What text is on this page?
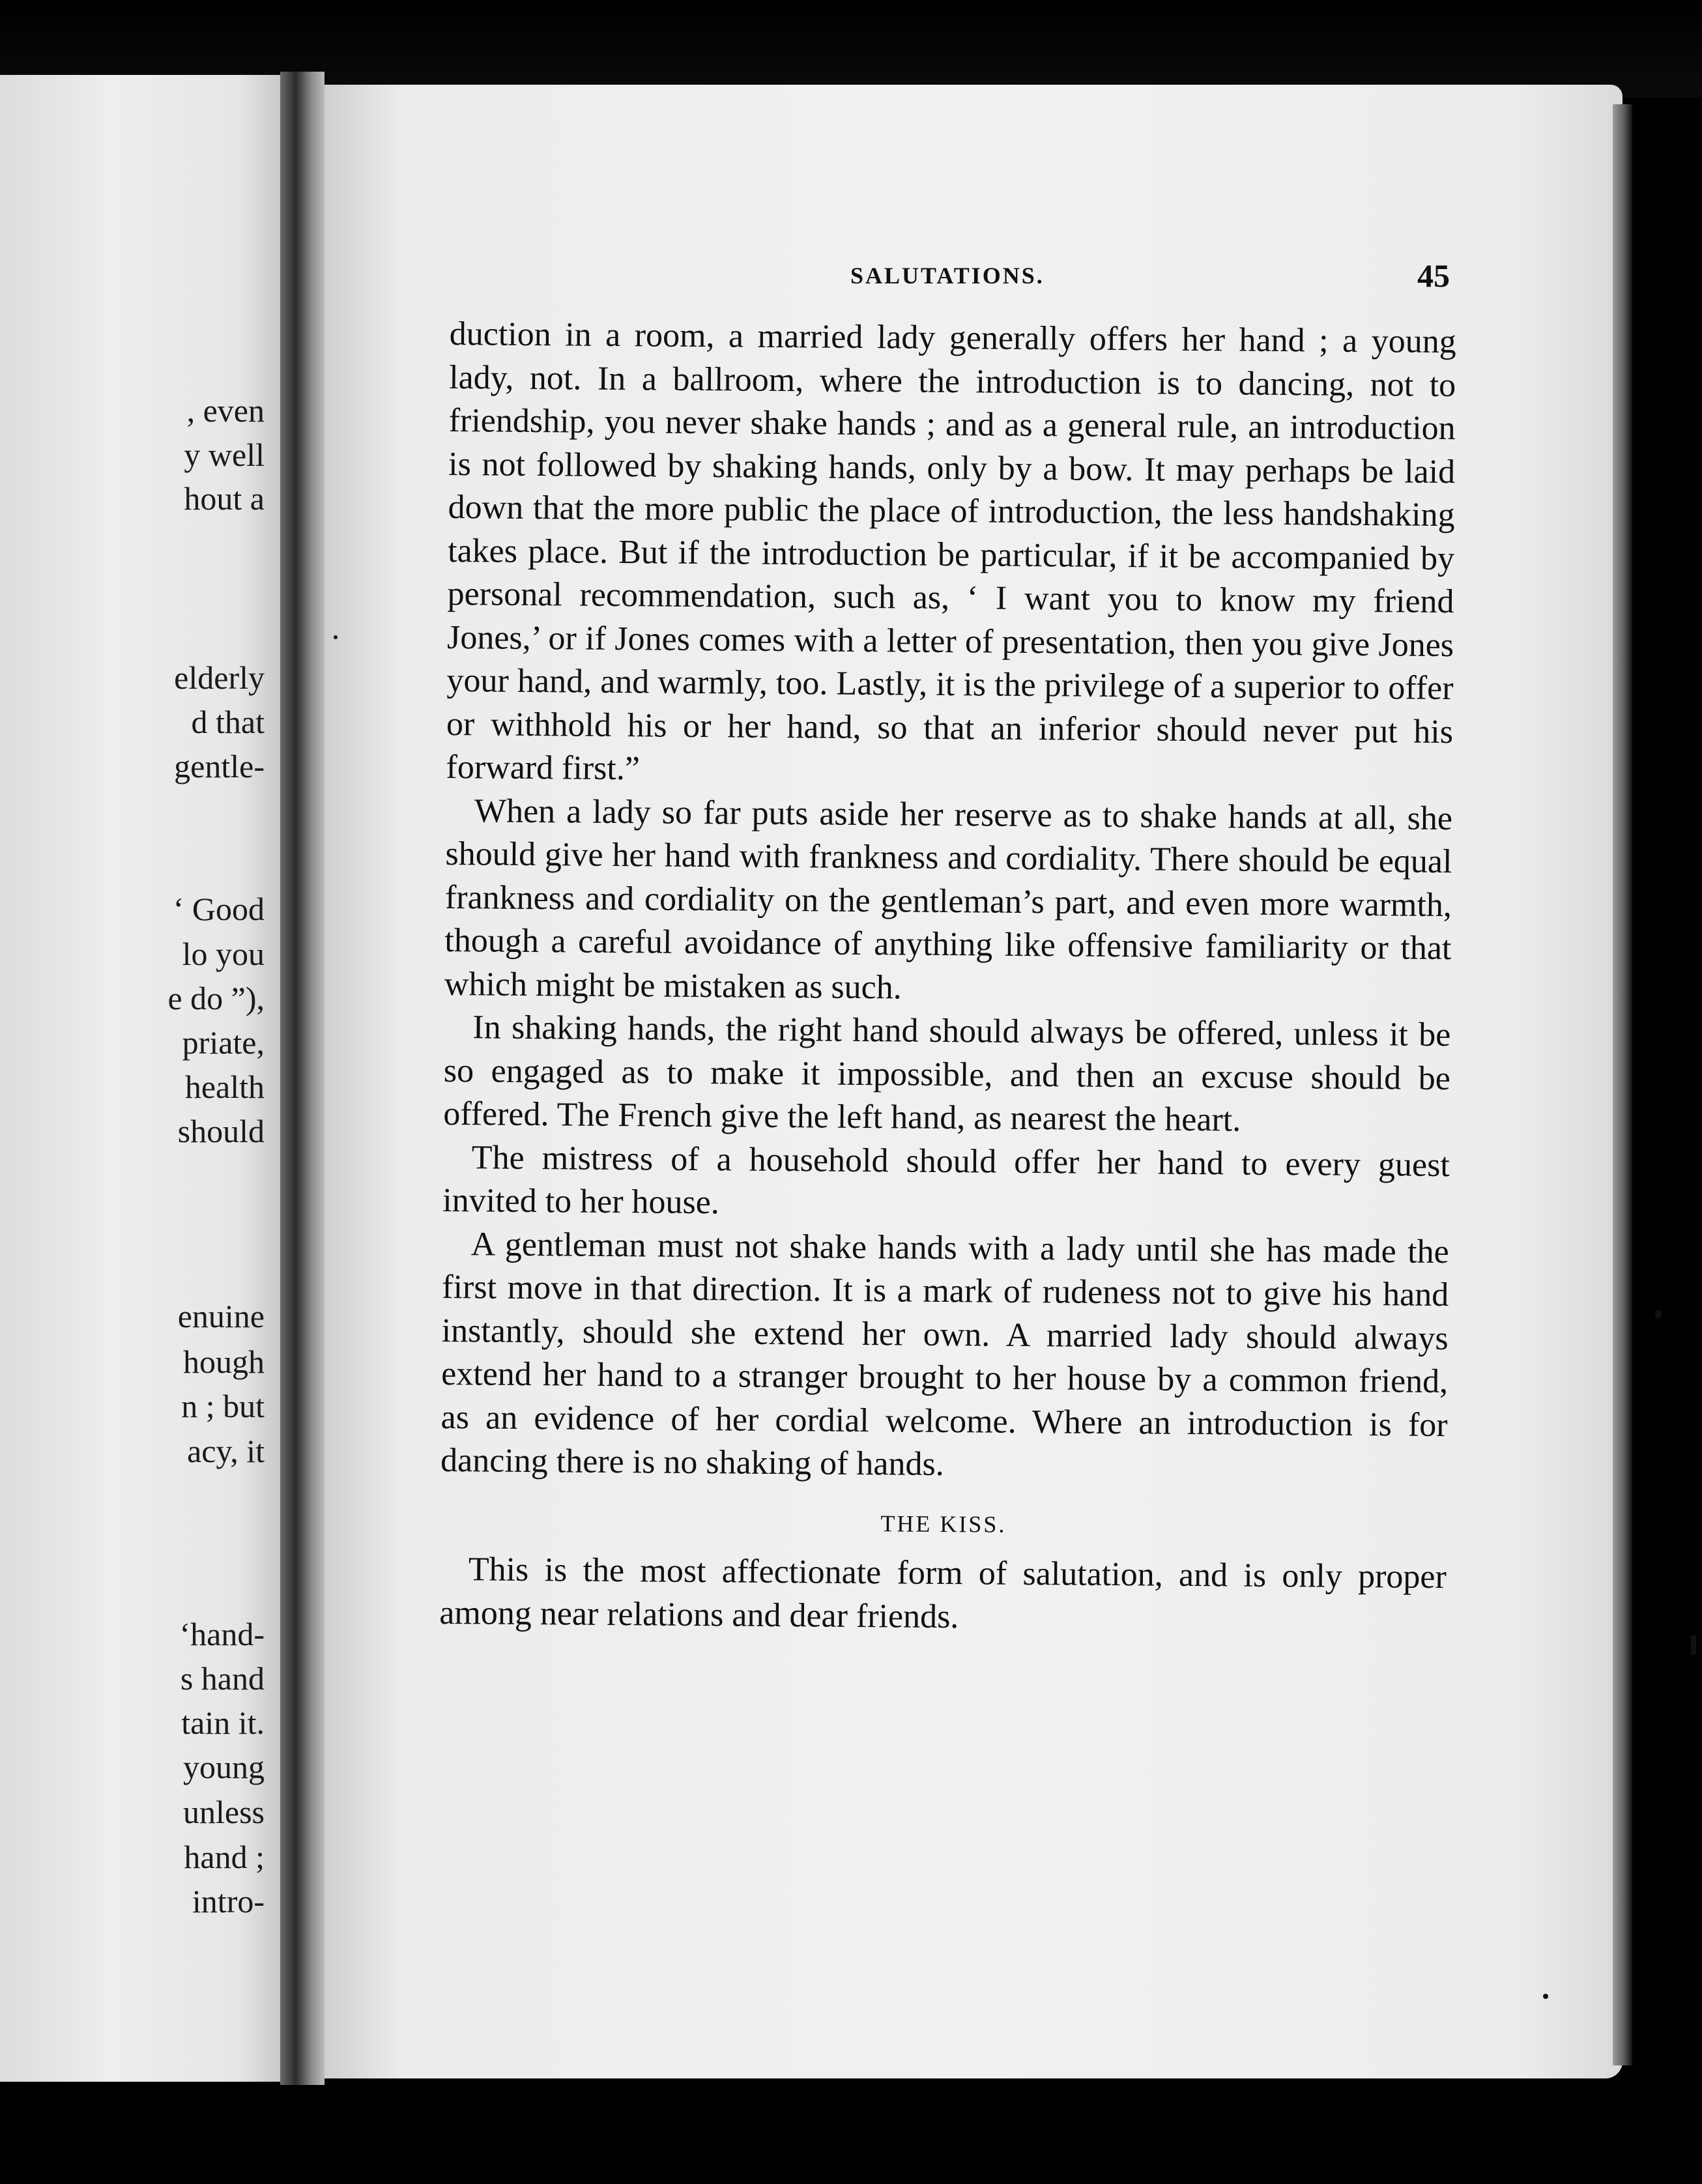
, even
y well
hout a
elderly
d that
gentle-
‘ Good
lo you
e do ”),
priate,
health
should
enuine
hough
n ; but
acy, it
‘hand-
s hand
tain it.
young
unless
hand ;
intro-
SALUTATIONS.	45

duction in a room, a married lady generally offers her hand ; a young lady, not. In a ballroom, where the introduction is to dancing, not to friendship, you never shake hands ; and as a general rule, an introduction is not followed by shaking hands, only by a bow. It may perhaps be laid down that the more public the place of introduction, the less handshaking takes place. But if the introduction be particular, if it be accompanied by personal recommendation, such as, ‘ I want you to know my friend Jones,’ or if Jones comes with a letter of presentation, then you give Jones your hand, and warmly, too. Lastly, it is the privilege of a superior to offer or withhold his or her hand, so that an inferior should never put his forward first.”

When a lady so far puts aside her reserve as to shake hands at all, she should give her hand with frankness and cordiality. There should be equal frankness and cordiality on the gentleman’s part, and even more warmth, though a careful avoidance of anything like offensive familiarity or that which might be mistaken as such.

In shaking hands, the right hand should always be offered, unless it be so engaged as to make it impossible, and then an excuse should be offered. The French give the left hand, as nearest the heart.

The mistress of a household should offer her hand to every guest invited to her house.

A gentleman must not shake hands with a lady until she has made the first move in that direction. It is a mark of rudeness not to give his hand instantly, should she extend her own. A married lady should always extend her hand to a stranger brought to her house by a common friend, as an evidence of her cordial welcome. Where an introduction is for dancing there is no shaking of hands.

THE KISS.

This is the most affectionate form of salutation, and is only proper among near relations and dear friends.
